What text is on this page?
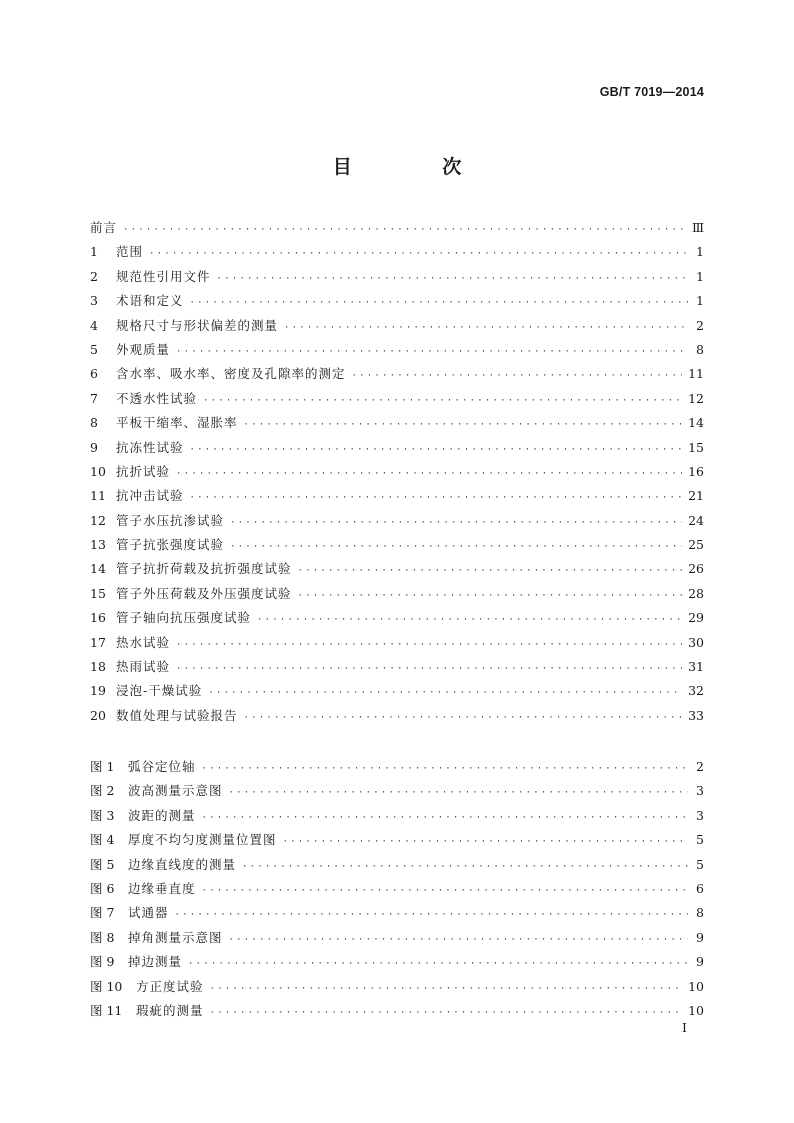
GB/T 7019—2014
目 次
前言 ·····	Ⅲ
1	范围 ·····	1
2	规范性引用文件 ·····	1
3	术语和定义 ·····	1
4	规格尺寸与形状偏差的测量 ·····	2
5	外观质量 ·····	8
6	含水率、吸水率、密度及孔隙率的测定 ·····	11
7	不透水性试验 ·····	12
8	平板干缩率、湿胀率 ·····	14
9	抗冻性试验 ·····	15
10 抗折试验 ·····	16
11 抗冲击试验 ·····	21
12 管子水压抗渗试验 ·····	24
13 管子抗张强度试验 ·····	25
14 管子抗折荷载及抗折强度试验 ·····	26
15 管子外压荷载及外压强度试验 ·····	28
16 管子轴向抗压强度试验 ·····	29
17 热水试验 ·····	30
18 热雨试验 ·····	31
19 浸泡-干燥试验 ·····	32
20 数值处理与试验报告 ·····	33
图 1	弧谷定位轴 ·····	2
图 2	波高测量示意图 ·····	3
图 3	波距的测量 ·····	3
图 4	厚度不均匀度测量位置图 ·····	5
图 5	边缘直线度的测量 ·····	5
图 6	边缘垂直度 ·····	6
图 7	试通器 ·····	8
图 8	掉角测量示意图 ·····	9
图 9	掉边测量 ·····	9
图 10	方正度试验 ·····	10
图 11	瑕疵的测量 ·····	10
I
